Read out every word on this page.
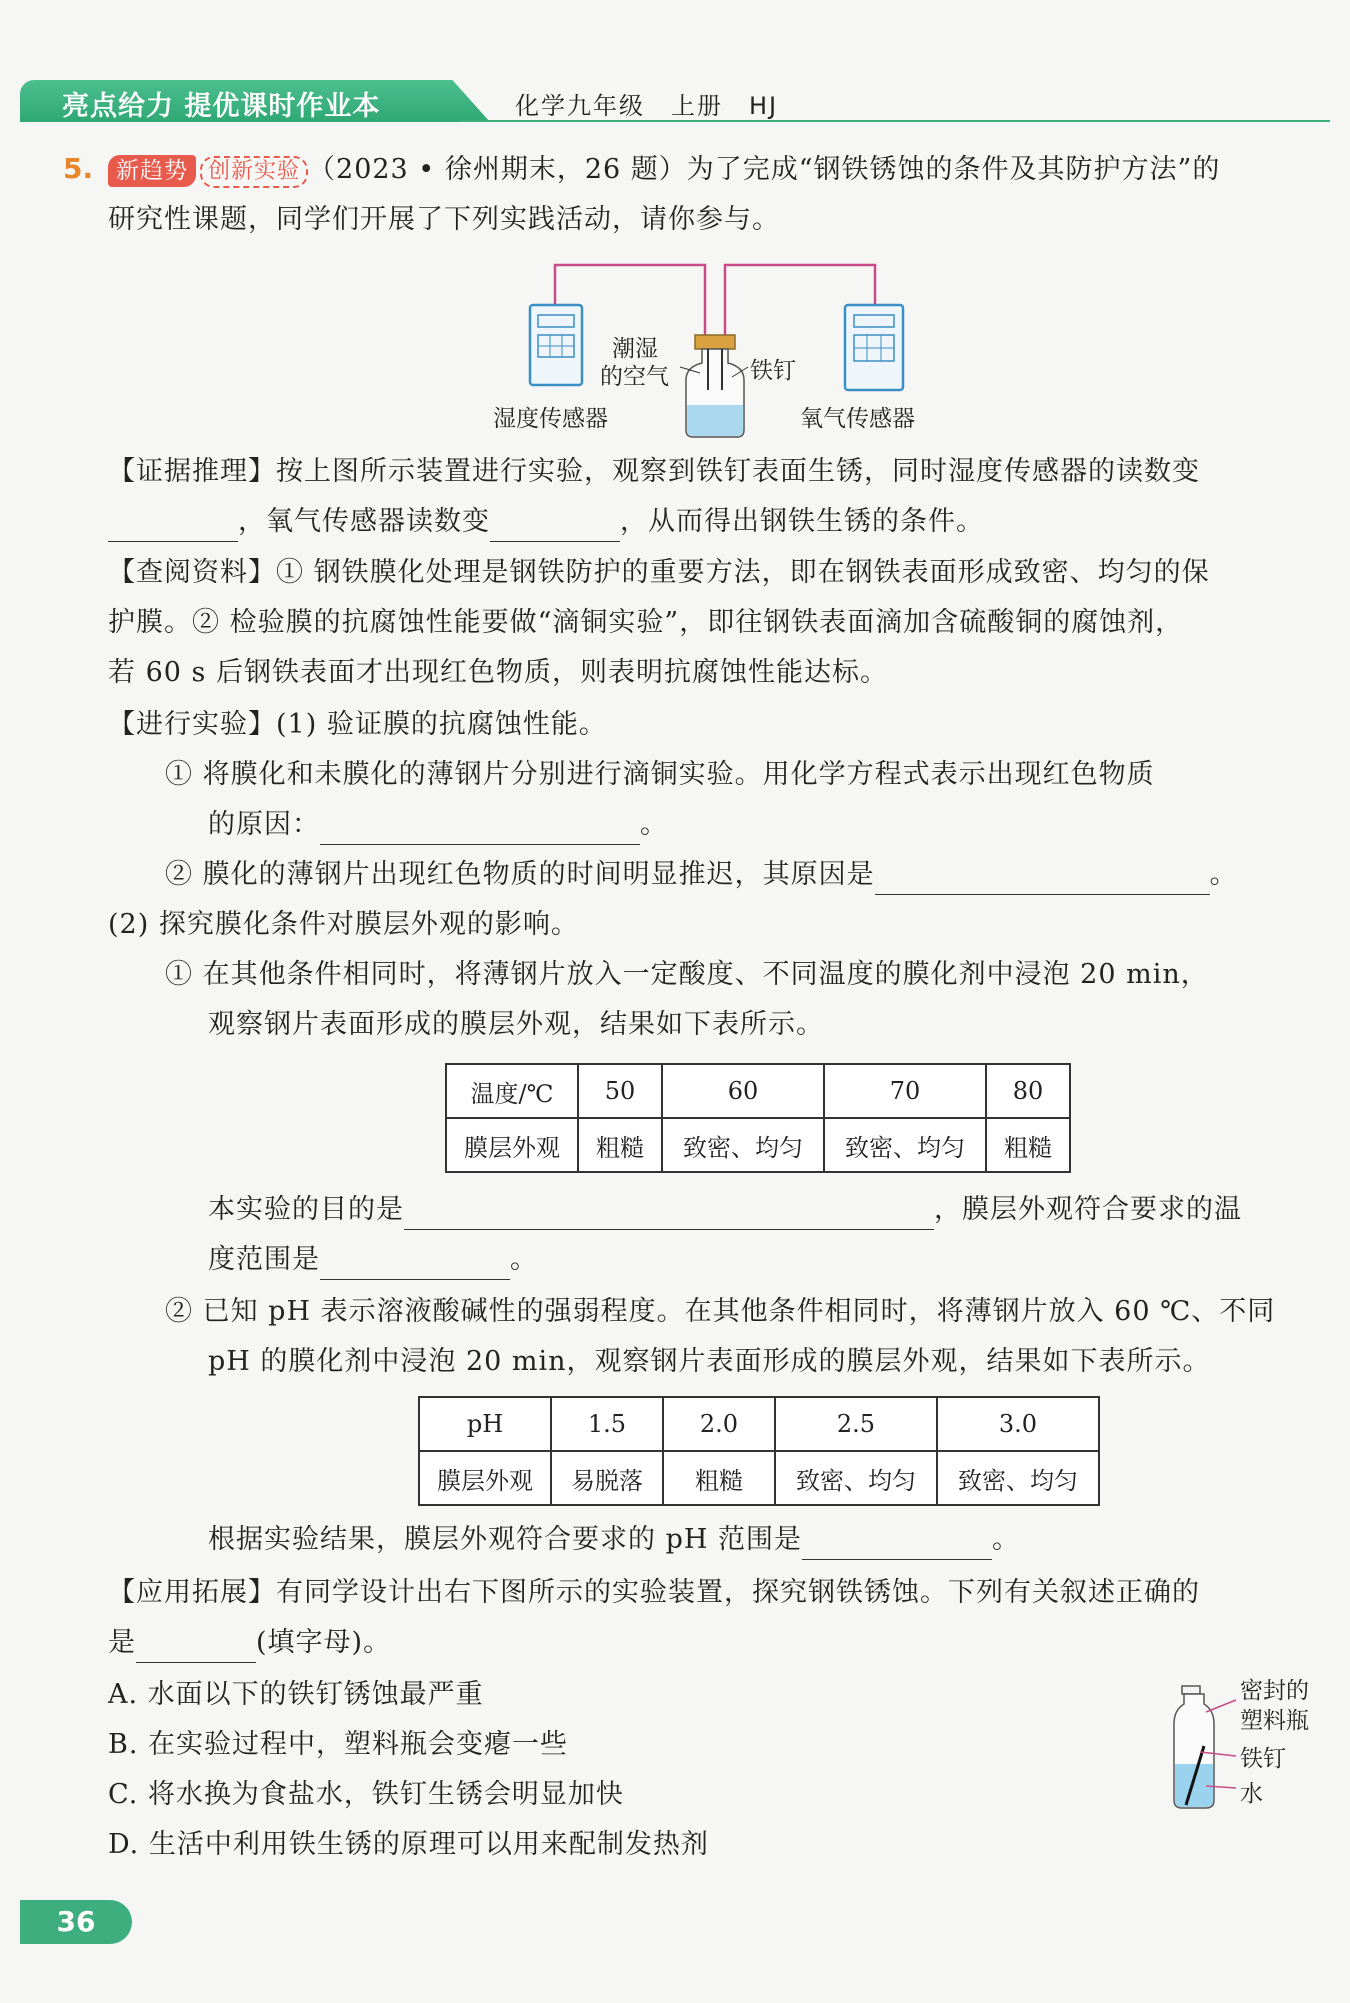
亮点给力 提优课时作业本	化学九年级　上册　HJ
5. 新趋势 创新实验 （2023 • 徐州期末，26 题）为了完成“钢铁锈蚀的条件及其防护方法”的
研究性课题，同学们开展了下列实践活动，请你参与。
潮湿
的空气	铁钉
湿度传感器	氧气传感器
【证据推理】按上图所示装置进行实验，观察到铁钉表面生锈，同时湿度传感器的读数变
，氧气传感器读数变	，从而得出钢铁生锈的条件。
【查阅资料】① 钢铁膜化处理是钢铁防护的重要方法，即在钢铁表面形成致密、均匀的保
护膜。② 检验膜的抗腐蚀性能要做“滴铜实验”，即往钢铁表面滴加含硫酸铜的腐蚀剂，
若 60 s 后钢铁表面才出现红色物质，则表明抗腐蚀性能达标。
【进行实验】(1) 验证膜的抗腐蚀性能。
① 将膜化和未膜化的薄钢片分别进行滴铜实验。用化学方程式表示出现红色物质
的原因：	。
② 膜化的薄钢片出现红色物质的时间明显推迟，其原因是	。
(2) 探究膜化条件对膜层外观的影响。
① 在其他条件相同时，将薄钢片放入一定酸度、不同温度的膜化剂中浸泡 20 min，
观察钢片表面形成的膜层外观，结果如下表所示。
温度/℃	50	60	70	80
膜层外观	粗糙	致密、均匀	致密、均匀	粗糙
本实验的目的是	，膜层外观符合要求的温
度范围是	。
② 已知 pH 表示溶液酸碱性的强弱程度。在其他条件相同时，将薄钢片放入 60 ℃、不同
pH 的膜化剂中浸泡 20 min，观察钢片表面形成的膜层外观，结果如下表所示。
pH	1.5	2.0	2.5	3.0
膜层外观	易脱落	粗糙	致密、均匀	致密、均匀
根据实验结果，膜层外观符合要求的 pH 范围是	。
【应用拓展】有同学设计出右下图所示的实验装置，探究钢铁锈蚀。下列有关叙述正确的
是	(填字母)。
A. 水面以下的铁钉锈蚀最严重
B. 在实验过程中，塑料瓶会变瘪一些
C. 将水换为食盐水，铁钉生锈会明显加快
D. 生活中利用铁生锈的原理可以用来配制发热剂
密封的
塑料瓶
铁钉
水
36
